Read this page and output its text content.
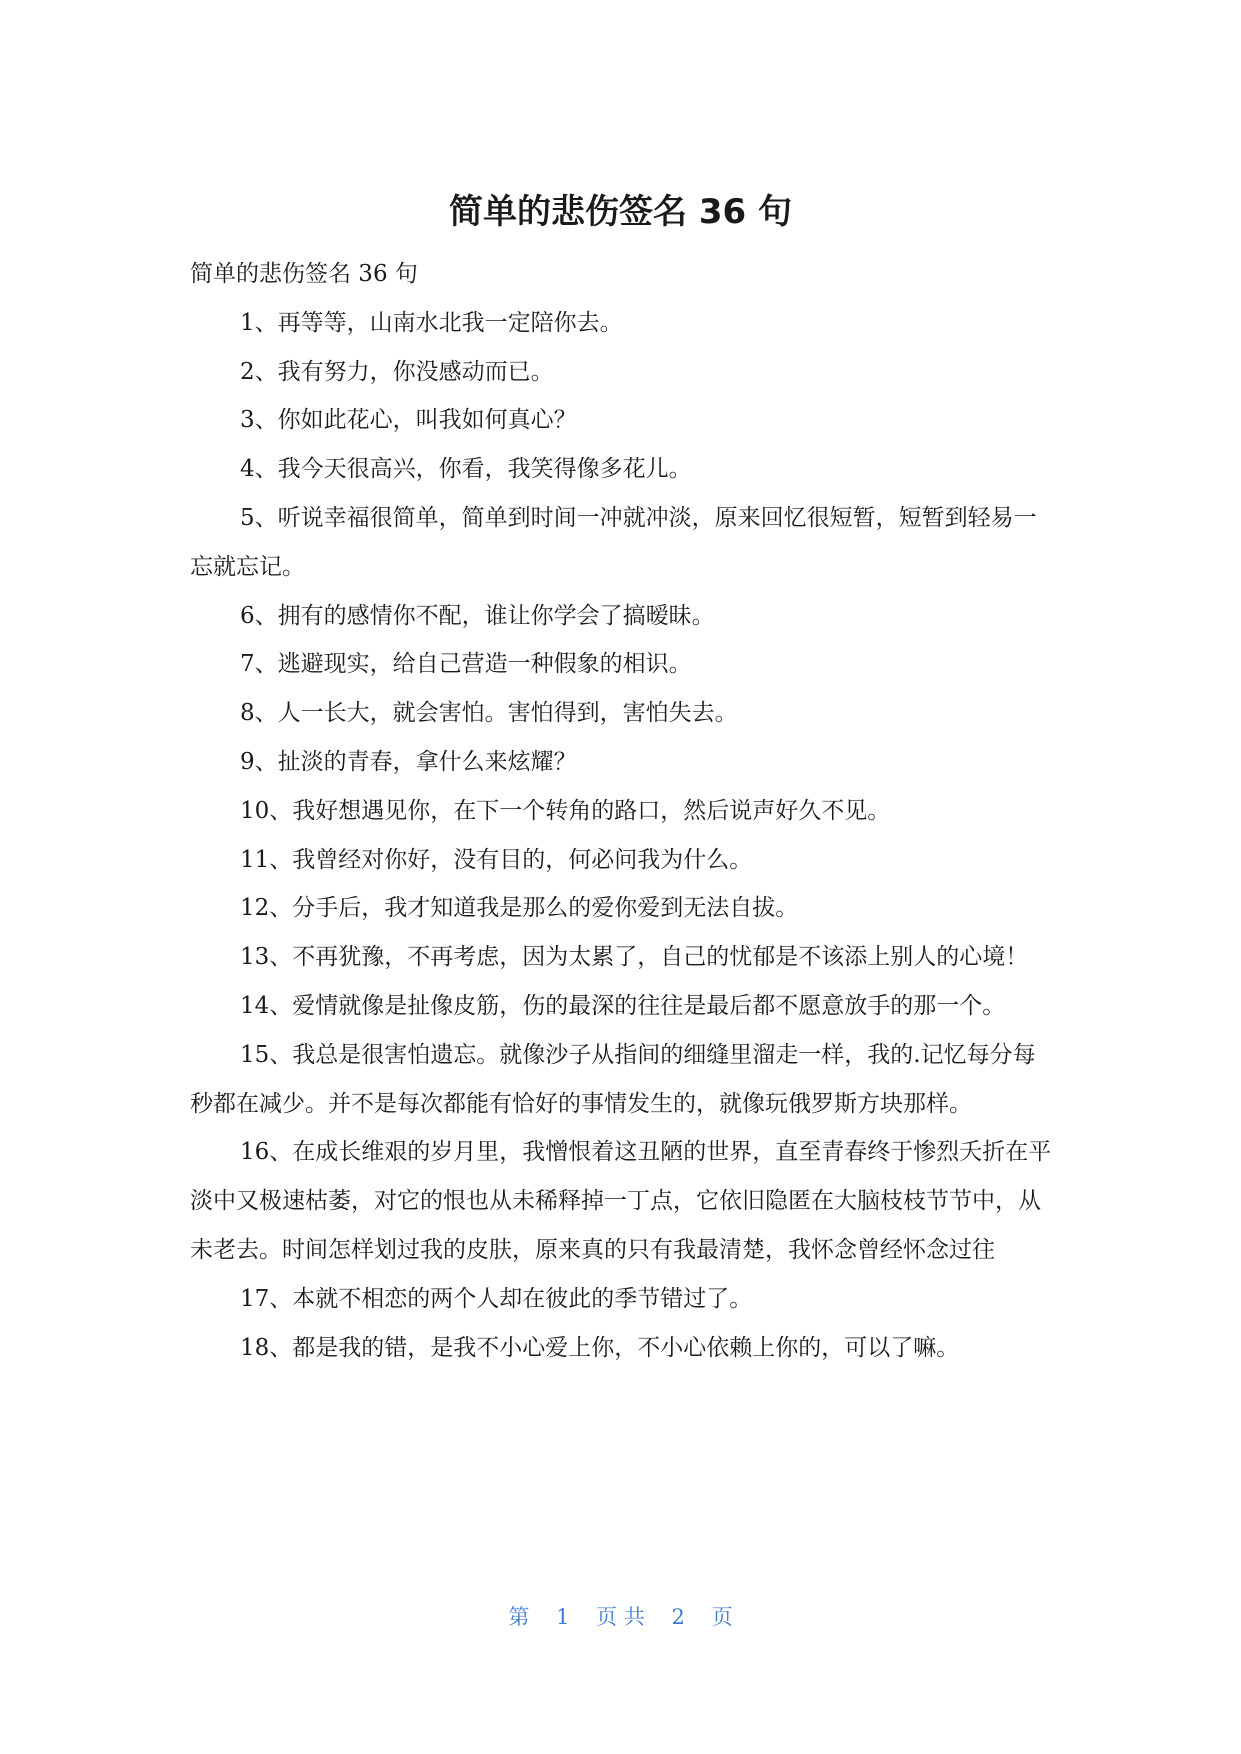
简单的悲伤签名 36 句

简单的悲伤签名 36 句

1、再等等，山南水北我一定陪你去。

2、我有努力，你没感动而已。

3、你如此花心，叫我如何真心？

4、我今天很高兴，你看，我笑得像多花儿。

5、听说幸福很简单，简单到时间一冲就冲淡，原来回忆很短暂，短暂到轻易一忘就忘记。

6、拥有的感情你不配，谁让你学会了搞暧昧。

7、逃避现实，给自己营造一种假象的相识。

8、人一长大，就会害怕。害怕得到，害怕失去。

9、扯淡的青春，拿什么来炫耀？

10、我好想遇见你，在下一个转角的路口，然后说声好久不见。

11、我曾经对你好，没有目的，何必问我为什么。

12、分手后，我才知道我是那么的爱你爱到无法自拔。

13、不再犹豫，不再考虑，因为太累了，自己的忧郁是不该添上别人的心境！

14、爱情就像是扯像皮筋，伤的最深的往往是最后都不愿意放手的那一个。

15、我总是很害怕遗忘。就像沙子从指间的细缝里溜走一样，我的.记忆每分每秒都在减少。并不是每次都能有恰好的事情发生的，就像玩俄罗斯方块那样。

16、在成长维艰的岁月里，我憎恨着这丑陋的世界，直至青春终于惨烈夭折在平淡中又极速枯萎，对它的恨也从未稀释掉一丁点，它依旧隐匿在大脑枝枝节节中，从未老去。时间怎样划过我的皮肤，原来真的只有我最清楚，我怀念曾经怀念过往

17、本就不相恋的两个人却在彼此的季节错过了。

18、都是我的错，是我不小心爱上你，不小心依赖上你的，可以了嘛。

第 1 页 共 2 页
